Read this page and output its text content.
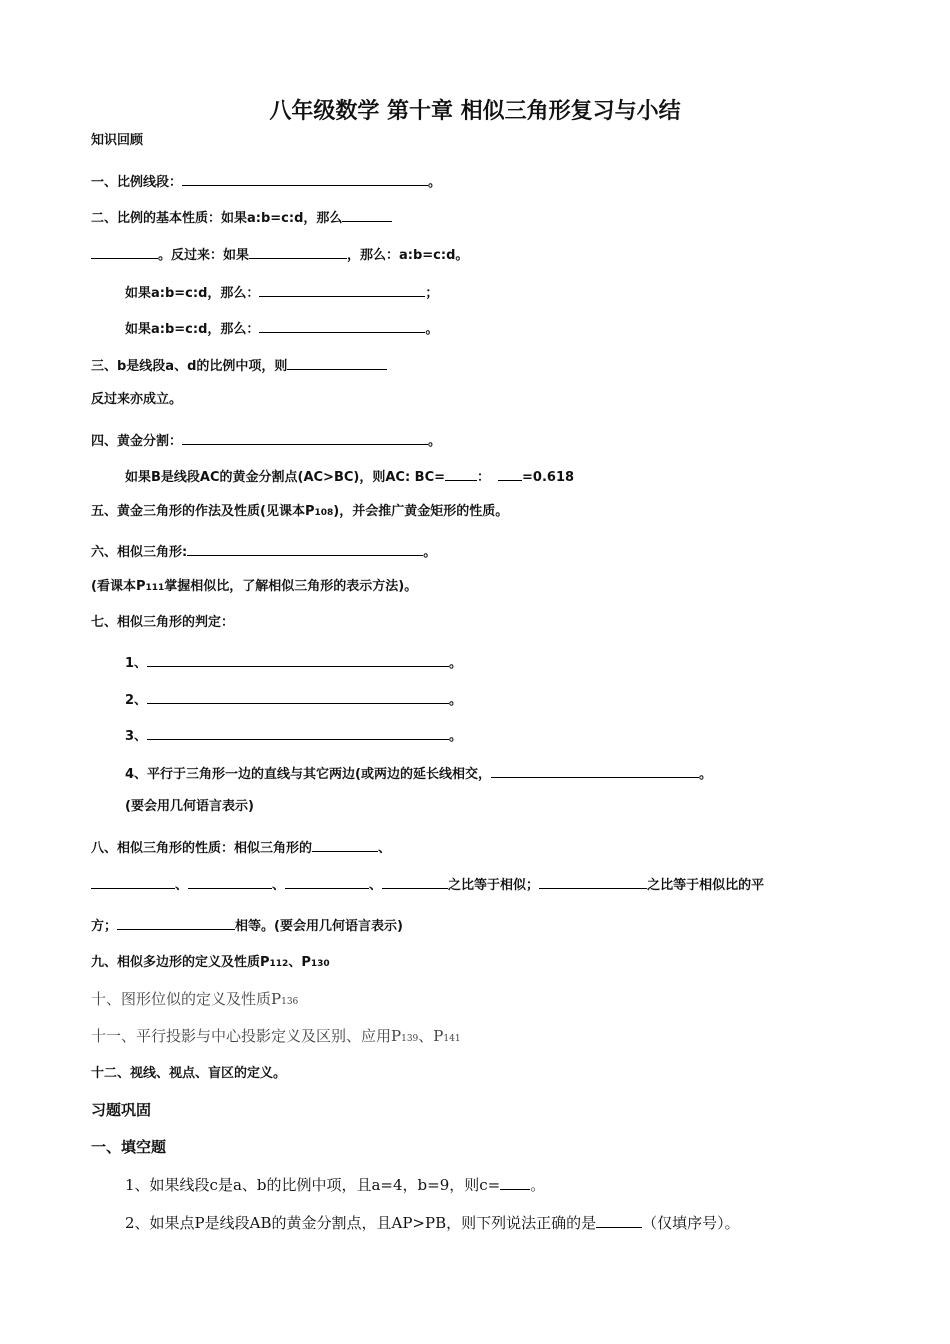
八年级数学 第十章 相似三角形复习与小结
知识回顾
一、比例线段：	。
二、比例的基本性质：如果a:b=c:d，那么
。反过来：如果	，那么：a:b=c:d。
如果a:b=c:d，那么：	；
如果a:b=c:d，那么：	。
三、b是线段a、d的比例中项，则
反过来亦成立。
四、黄金分割：	。
如果B是线段AC的黄金分割点(AC>BC)，则AC: BC= ： =0.618
五、黄金三角形的作法及性质(见课本P108)，并会推广黄金矩形的性质。
六、相似三角形:	。
(看课本P111掌握相似比，了解相似三角形的表示方法)。
七、相似三角形的判定：
1、	。
2、	。
3、	。
4、平行于三角形一边的直线与其它两边(或两边的延长线相交，	。
(要会用几何语言表示)
八、相似三角形的性质：相似三角形的	、
、	、	、	之比等于相似；	之比等于相似比的平
方；	相等。(要会用几何语言表示)
九、相似多边形的定义及性质P112、P130
十、图形位似的定义及性质P136
十一、平行投影与中心投影定义及区别、应用P139、P141
十二、视线、视点、盲区的定义。
习题巩固
一、填空题
1、如果线段c是a、b的比例中项，且a=4，b=9，则c= 。
2、如果点P是线段AB的黄金分割点，且AP>PB，则下列说法正确的是	（仅填序号）。
